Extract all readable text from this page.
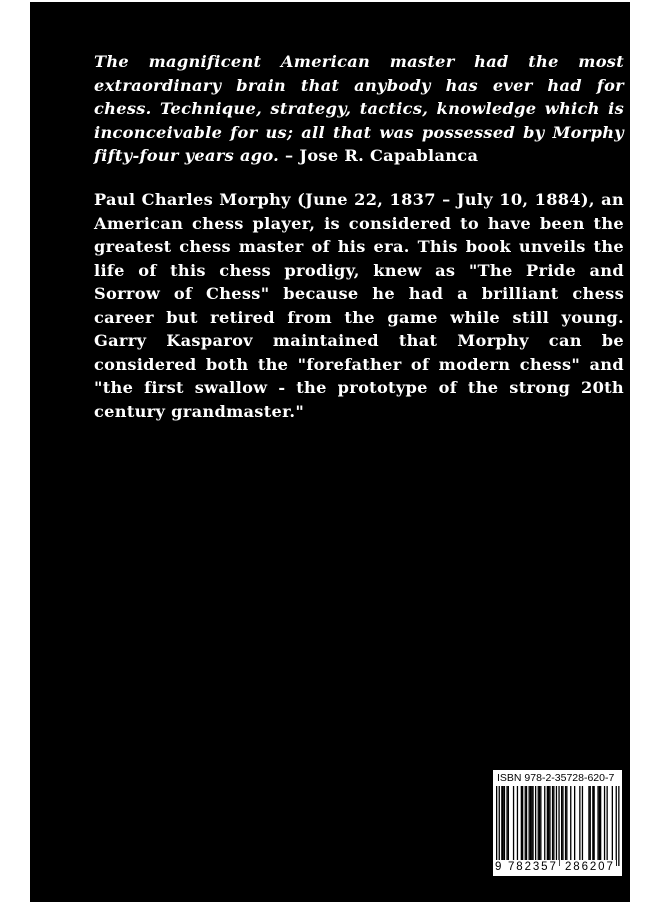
The magnificent American master had the most extraordinary brain that anybody has ever had for chess. Technique, strategy, tactics, knowledge which is inconceivable for us; all that was possessed by Morphy fifty-four years ago. – Jose R. Capablanca

Paul Charles Morphy (June 22, 1837 – July 10, 1884), an American chess player, is considered to have been the greatest chess master of his era. This book unveils the life of this chess prodigy, knew as "The Pride and Sorrow of Chess" because he had a brilliant chess career but retired from the game while still young. Garry Kasparov maintained that Morphy can be considered both the "forefather of modern chess" and "the first swallow - the prototype of the strong 20th century grandmaster."

ISBN 978-2-35728-620-7
9 782357 286207
